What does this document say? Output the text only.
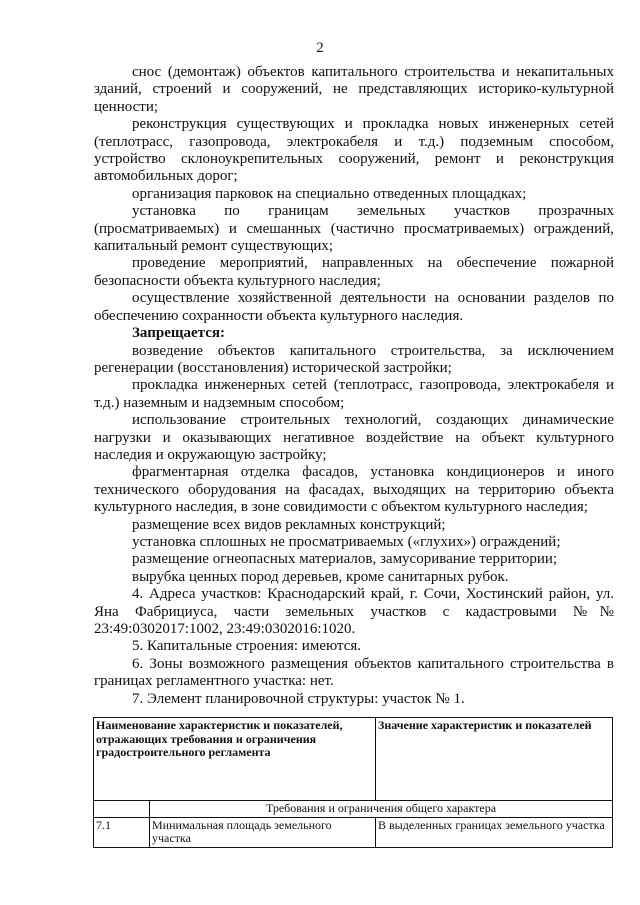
2

снос (демонтаж) объектов капитального строительства и некапитальных зданий, строений и сооружений, не представляющих историко-культурной ценности;

реконструкция существующих и прокладка новых инженерных сетей (теплотрасс, газопровода, электрокабеля и т.д.) подземным способом, устройство склоноукрепительных сооружений, ремонт и реконструкция автомобильных дорог;

организация парковок на специально отведенных площадках;

установка по границам земельных участков прозрачных (просматриваемых) и смешанных (частично просматриваемых) ограждений, капитальный ремонт существующих;

проведение мероприятий, направленных на обеспечение пожарной безопасности объекта культурного наследия;

осуществление хозяйственной деятельности на основании разделов по обеспечению сохранности объекта культурного наследия.

Запрещается:

возведение объектов капитального строительства, за исключением регенерации (восстановления) исторической застройки;

прокладка инженерных сетей (теплотрасс, газопровода, электрокабеля и т.д.) наземным и надземным способом;

использование строительных технологий, создающих динамические нагрузки и оказывающих негативное воздействие на объект культурного наследия и окружающую застройку;

фрагментарная отделка фасадов, установка кондиционеров и иного технического оборудования на фасадах, выходящих на территорию объекта культурного наследия, в зоне совидимости с объектом культурного наследия;

размещение всех видов рекламных конструкций;

установка сплошных не просматриваемых («глухих») ограждений;

размещение огнеопасных материалов, замусоривание территории;

вырубка ценных пород деревьев, кроме санитарных рубок.

4. Адреса участков: Краснодарский край, г. Сочи, Хостинский район, ул. Яна Фабрициуса, части земельных участков с кадастровыми №№ 23:49:0302017:1002, 23:49:0302016:1020.

5. Капитальные строения: имеются.

6. Зоны возможного размещения объектов капитального строительства в границах регламентного участка: нет.

7. Элемент планировочной структуры: участок № 1.

Наименование характеристик и показателей, отражающих требования и ограничения градостроительного регламента		Значение характеристик и показателей
	Требования и ограничения общего характера	
7.1	Минимальная площадь земельного участка	В выделенных границах земельного участка
